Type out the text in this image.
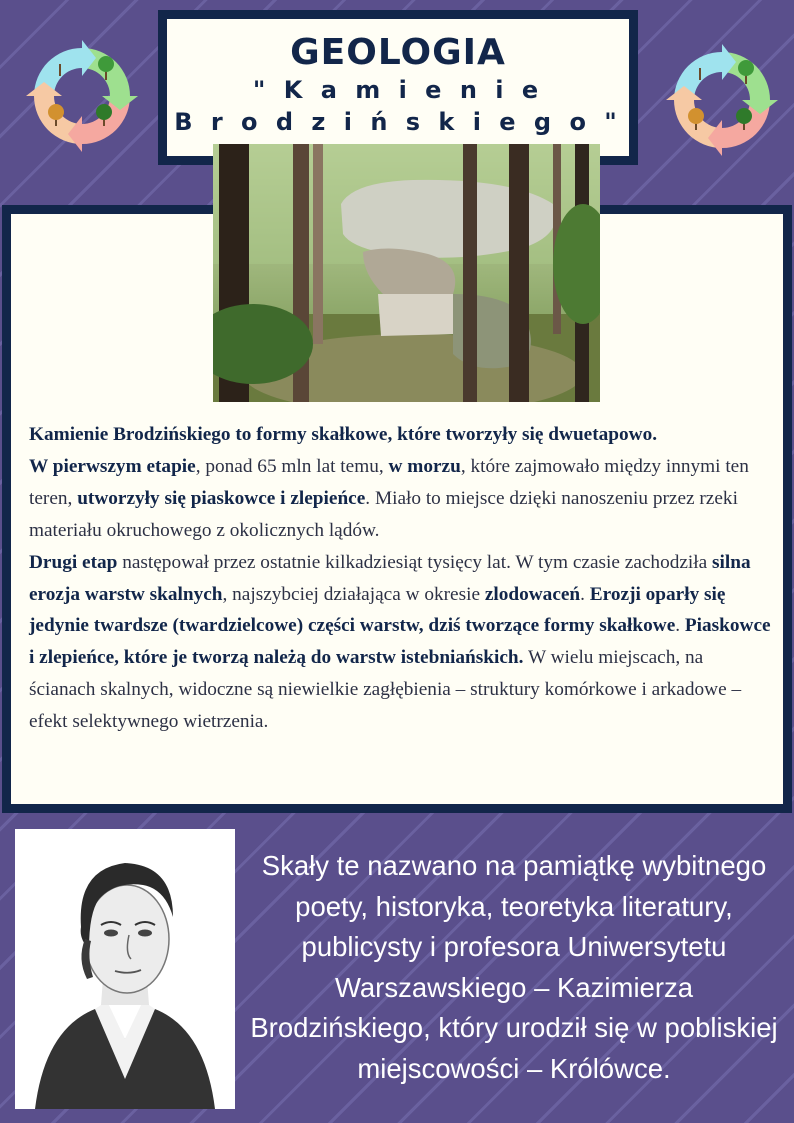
GEOLOGIA
" K a m i e n i e
B r o d z i ń s k i e g o "

Kamienie Brodzińskiego to formy skałkowe, które tworzyły się dwuetapowo.
W pierwszym etapie, ponad 65 mln lat temu, w morzu, które zajmowało między innymi ten teren, utworzyły się piaskowce i zlepieńce. Miało to miejsce dzięki nanoszeniu przez rzeki materiału okruchowego z okolicznych lądów.
Drugi etap następował przez ostatnie kilkadziesiąt tysięcy lat. W tym czasie zachodziła silna erozja warstw skalnych, najszybciej działająca w okresie zlodowaceń. Erozji oparły się jedynie twardsze (twardzielcowe) części warstw, dziś tworzące formy skałkowe. Piaskowce i zlepieńce, które je tworzą należą do warstw istebniańskich. W wielu miejscach, na ścianach skalnych, widoczne są niewielkie zagłębienia – struktury komórkowe i arkadowe – efekt selektywnego wietrzenia.

Skały te nazwano na pamiątkę wybitnego poety, historyka, teoretyka literatury, publicysty i profesora Uniwersytetu Warszawskiego – Kazimierza Brodzińskiego, który urodził się w pobliskiej miejscowości – Królówce.
